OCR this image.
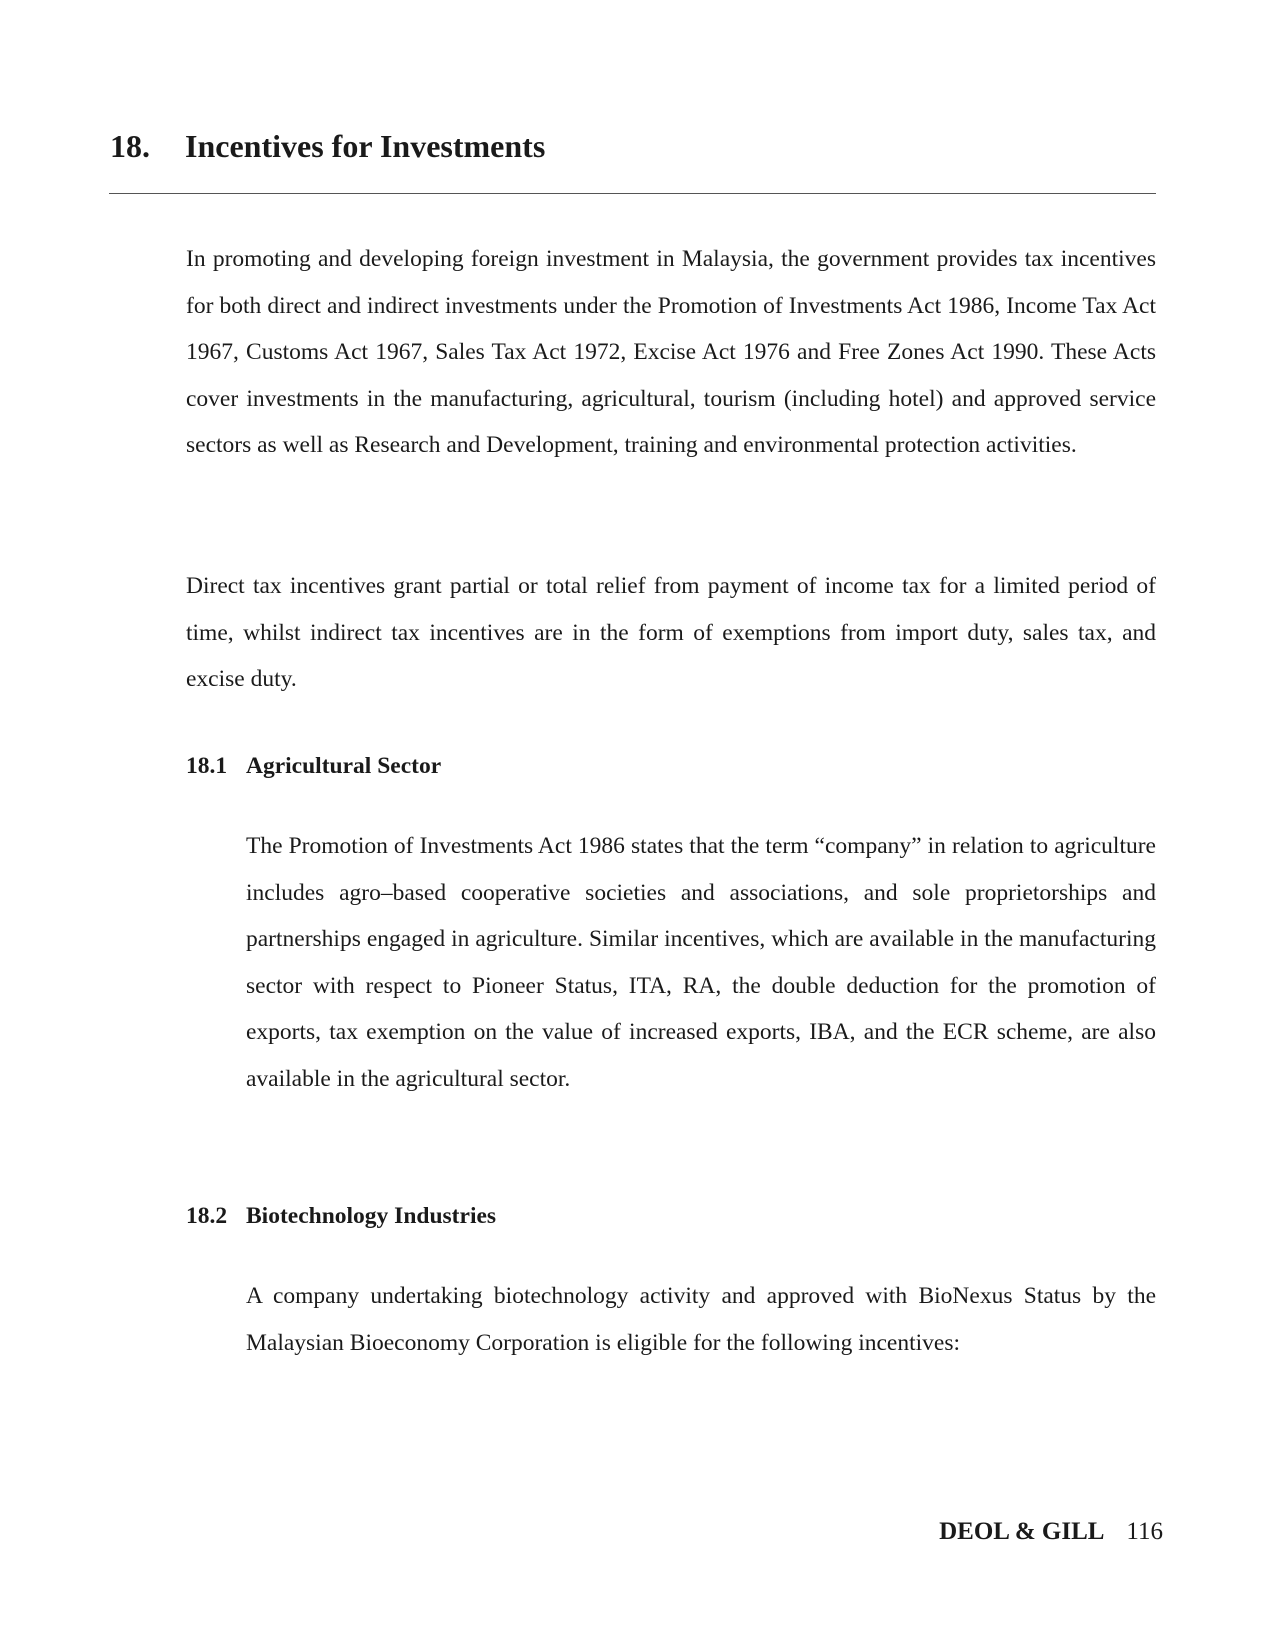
18. Incentives for Investments

In promoting and developing foreign investment in Malaysia, the government provides tax incentives for both direct and indirect investments under the Promotion of Investments Act 1986, Income Tax Act 1967, Customs Act 1967, Sales Tax Act 1972, Excise Act 1976 and Free Zones Act 1990. These Acts cover investments in the manufacturing, agricultural, tourism (including hotel) and approved service sectors as well as Research and Development, training and environmental protection activities.

Direct tax incentives grant partial or total relief from payment of income tax for a limited period of time, whilst indirect tax incentives are in the form of exemptions from import duty, sales tax, and excise duty.

18.1 Agricultural Sector

The Promotion of Investments Act 1986 states that the term “company” in relation to agriculture includes agro–based cooperative societies and associations, and sole proprietorships and partnerships engaged in agriculture. Similar incentives, which are available in the manufacturing sector with respect to Pioneer Status, ITA, RA, the double deduction for the promotion of exports, tax exemption on the value of increased exports, IBA, and the ECR scheme, are also available in the agricultural sector.

18.2 Biotechnology Industries

A company undertaking biotechnology activity and approved with BioNexus Status by the Malaysian Bioeconomy Corporation is eligible for the following incentives:

DEOL & GILL 116
